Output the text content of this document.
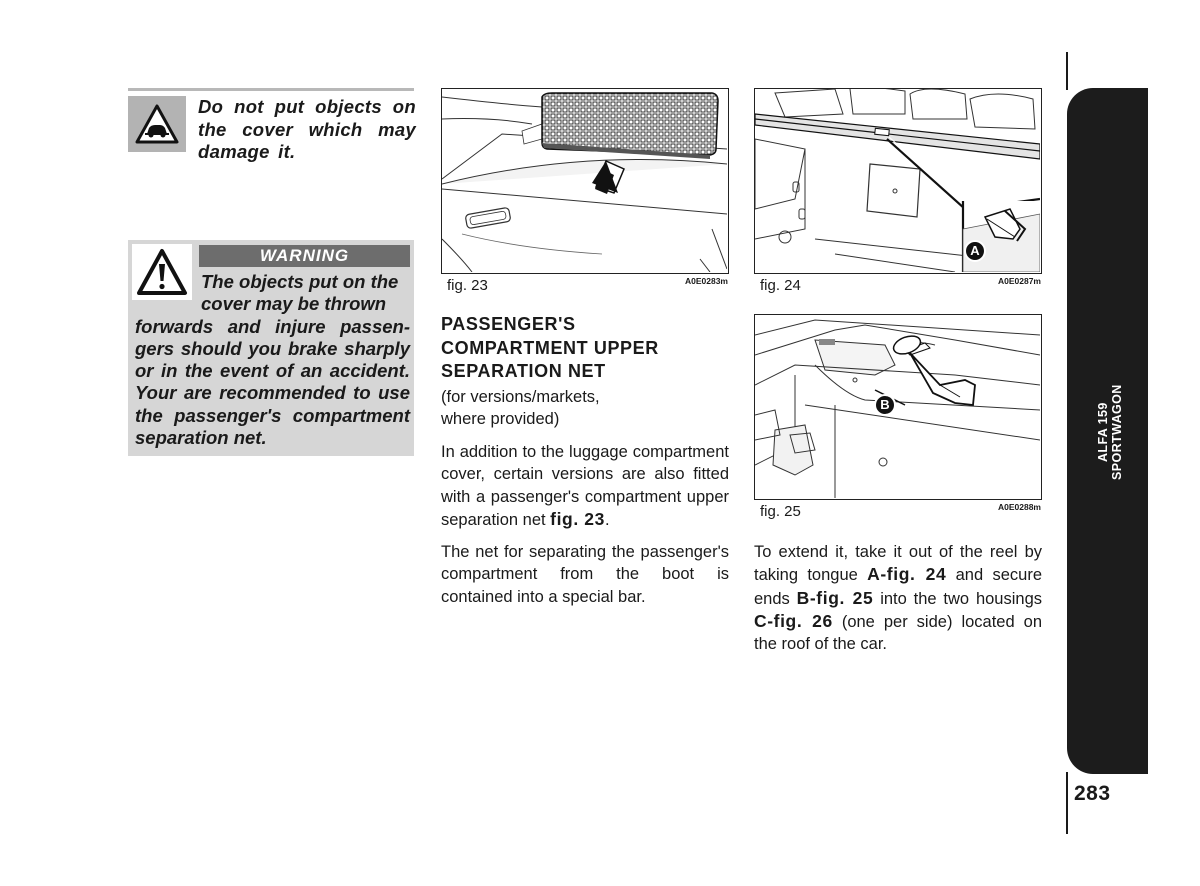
Do not put objects on the cover which may damage it.
WARNING
The objects put on the
cover may be thrown
forwards and injure passen-
gers should you brake sharply
or in the event of an accident.
Your are recommended to use
the passenger's compartment
separation net.
fig. 23	A0E0283m
A
fig. 24	A0E0287m
B
fig. 25	A0E0288m
PASSENGER'S
COMPARTMENT UPPER
SEPARATION NET
(for versions/markets,
where provided)
In addition to the luggage compartment cover, certain versions are also fitted with a passenger's compartment upper separation net fig. 23.
The net for separating the passenger's compartment from the boot is contained into a special bar.
To extend it, take it out of the reel by taking tongue A-fig. 24 and secure ends B-fig. 25 into the two housings C-fig. 26 (one per side) located on the roof of the car.
ALFA 159 SPORTWAGON
283
